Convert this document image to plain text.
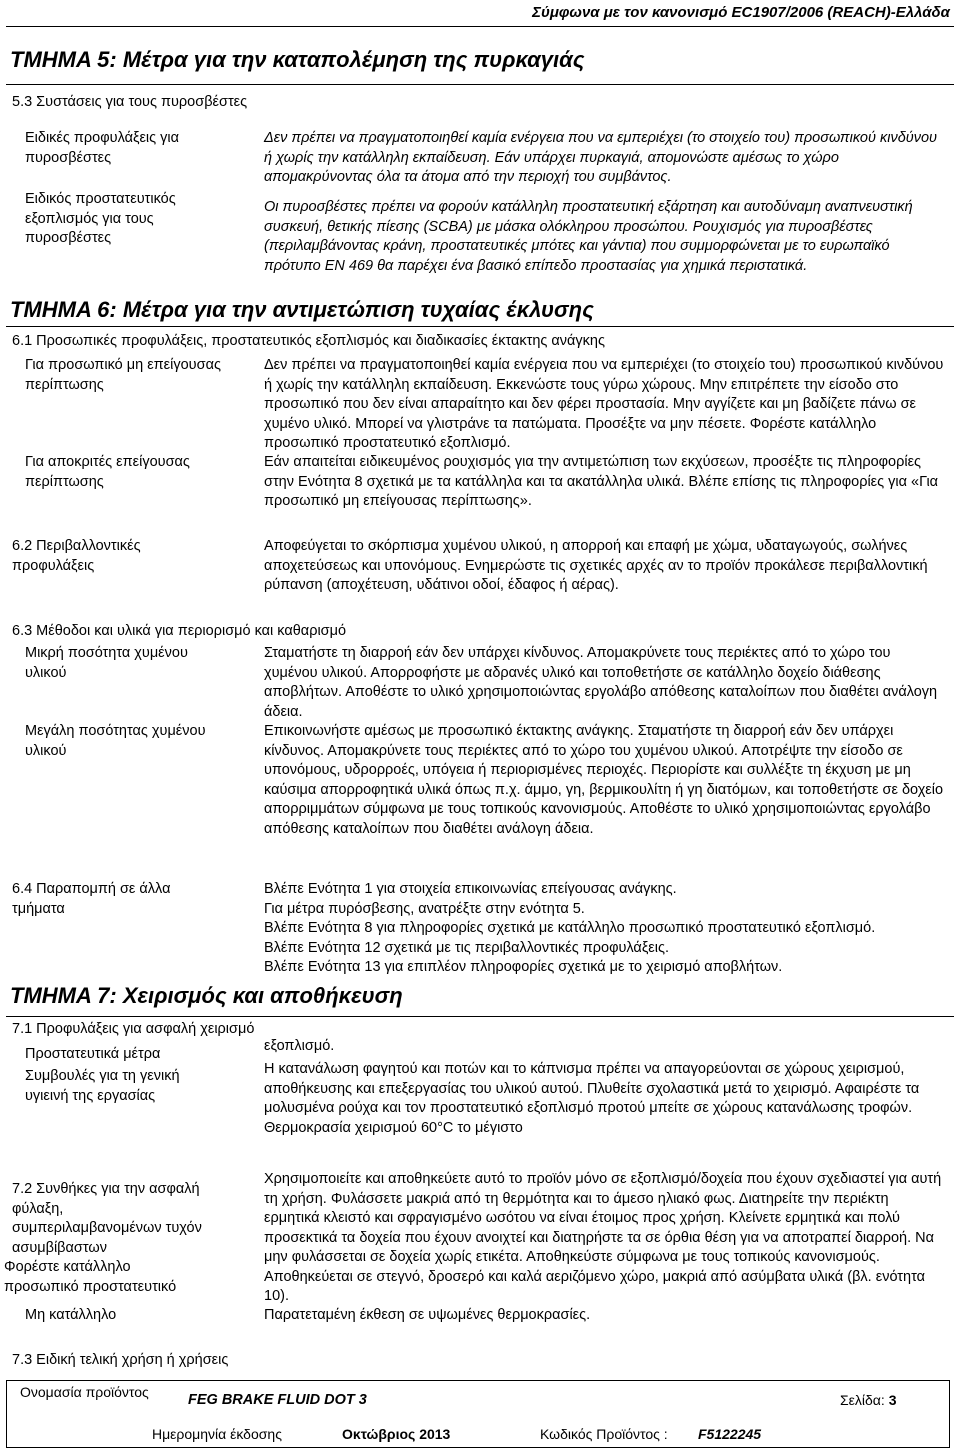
Σύμφωνα με τον κανονισμό EC1907/2006 (REACH)-Ελλάδα
ΤΜΗΜΑ 5: Μέτρα για την καταπολέμηση της πυρκαγιάς
5.3 Συστάσεις για τους πυροσβέστες
Ειδικές προφυλάξεις για πυροσβέστες
Δεν πρέπει να πραγματοποιηθεί καμία ενέργεια που να εμπεριέχει (το στοιχείο του) προσωπικού κινδύνου ή χωρίς την κατάλληλη εκπαίδευση. Εάν υπάρχει πυρκαγιά, απομονώστε αμέσως το χώρο απομακρύνοντας όλα τα άτομα από την περιοχή του συμβάντος.
Ειδικός προστατευτικός εξοπλισμός για τους πυροσβέστες
Οι πυροσβέστες πρέπει να φορούν κατάλληλη προστατευτική εξάρτηση και αυτοδύναμη αναπνευστική συσκευή, θετικής πίεσης (SCBA) με μάσκα ολόκληρου προσώπου. Ρουχισμός για πυροσβέστες (περιλαμβάνοντας κράνη, προστατευτικές μπότες και γάντια) που συμμορφώνεται με το ευρωπαϊκό πρότυπο EN 469 θα παρέχει ένα βασικό επίπεδο προστασίας για χημικά περιστατικά.
ΤΜΗΜΑ 6: Μέτρα για την αντιμετώπιση τυχαίας έκλυσης
6.1 Προσωπικές προφυλάξεις, προστατευτικός εξοπλισμός και διαδικασίες έκτακτης ανάγκης
Για προσωπικό μη επείγουσας περίπτωσης
Δεν πρέπει να πραγματοποιηθεί καμία ενέργεια που να εμπεριέχει (το στοιχείο του) προσωπικού κινδύνου ή χωρίς την κατάλληλη εκπαίδευση. Εκκενώστε τους γύρω χώρους. Μην επιτρέπετε την είσοδο στο προσωπικό που δεν είναι απαραίτητο και δεν φέρει προστασία. Μην αγγίζετε και μη βαδίζετε πάνω σε χυμένο υλικό. Μπορεί να γλιστράνε τα πατώματα. Προσέξτε να μην πέσετε. Φορέστε κατάλληλο προσωπικό προστατευτικό εξοπλισμό.
Για αποκριτές επείγουσας περίπτωσης
Εάν απαιτείται ειδικευμένος ρουχισμός για την αντιμετώπιση των εκχύσεων, προσέξτε τις πληροφορίες στην Ενότητα 8 σχετικά με τα κατάλληλα και τα ακατάλληλα υλικά. Βλέπε επίσης τις πληροφορίες για «Για προσωπικό μη επείγουσας περίπτωσης».
6.2 Περιβαλλοντικές προφυλάξεις
Αποφεύγεται το σκόρπισμα χυμένου υλικού, η απορροή και επαφή με χώμα, υδαταγωγούς, σωλήνες αποχετεύσεως και υπονόμους. Ενημερώστε τις σχετικές αρχές αν το προϊόν προκάλεσε περιβαλλοντική ρύπανση (αποχέτευση, υδάτινοι οδοί, έδαφος ή αέρας).
6.3 Μέθοδοι και υλικά για περιορισμό και καθαρισμό
Μικρή ποσότητα χυμένου υλικού
Σταματήστε τη διαρροή εάν δεν υπάρχει κίνδυνος. Απομακρύνετε τους περιέκτες από το χώρο του χυμένου υλικού. Απορροφήστε με αδρανές υλικό και τοποθετήστε σε κατάλληλο δοχείο διάθεσης αποβλήτων. Αποθέστε το υλικό χρησιμοποιώντας εργολάβο απόθεσης καταλοίπων που διαθέτει ανάλογη άδεια.
Μεγάλη ποσότητας χυμένου υλικού
Επικοινωνήστε αμέσως με προσωπικό έκτακτης ανάγκης. Σταματήστε τη διαρροή εάν δεν υπάρχει κίνδυνος. Απομακρύνετε τους περιέκτες από το χώρο του χυμένου υλικού. Αποτρέψτε την είσοδο σε υπονόμους, υδρορροές, υπόγεια ή περιορισμένες περιοχές. Περιορίστε και συλλέξτε τη έκχυση με μη καύσιμα απορροφητικά υλικά όπως π.χ. άμμο, γη, βερμικουλίτη ή γη διατόμων, και τοποθετήστε σε δοχείο απορριμμάτων σύμφωνα με τους τοπικούς κανονισμούς. Αποθέστε το υλικό χρησιμοποιώντας εργολάβο απόθεσης καταλοίπων που διαθέτει ανάλογη άδεια.
6.4 Παραπομπή σε άλλα τμήματα
Βλέπε Ενότητα 1 για στοιχεία επικοινωνίας επείγουσας ανάγκης.
Για μέτρα πυρόσβεσης, ανατρέξτε στην ενότητα 5.
Βλέπε Ενότητα 8 για πληροφορίες σχετικά με κατάλληλο προσωπικό προστατευτικό εξοπλισμό.
Βλέπε Ενότητα 12 σχετικά με τις περιβαλλοντικές προφυλάξεις.
Βλέπε Ενότητα 13 για επιπλέον πληροφορίες σχετικά με το χειρισμό αποβλήτων.
ΤΜΗΜΑ 7: Χειρισμός και αποθήκευση
7.1 Προφυλάξεις για ασφαλή χειρισμό
Προστατευτικά μέτρα	εξοπλισμό.
Συμβουλές για τη γενική υγιεινή της εργασίας
Η κατανάλωση φαγητού και ποτών και το κάπνισμα πρέπει να απαγορεύονται σε χώρους χειρισμού, αποθήκευσης και επεξεργασίας του υλικού αυτού. Πλυθείτε σχολαστικά μετά το χειρισμό. Αφαιρέστε τα μολυσμένα ρούχα και τον προστατευτικό εξοπλισμό προτού μπείτε σε χώρους κατανάλωσης τροφών.
Θερμοκρασία χειρισμού 60°C το μέγιστο
7.2 Συνθήκες για την ασφαλή φύλαξη, συμπεριλαμβανομένων τυχόν ασυμβίβαστων
Χρησιμοποιείτε και αποθηκεύετε αυτό το προϊόν μόνο σε εξοπλισμό/δοχεία που έχουν σχεδιαστεί για αυτή τη χρήση. Φυλάσσετε μακριά από τη θερμότητα και το άμεσο ηλιακό φως. Διατηρείτε την περιέκτη ερμητικά κλειστό και σφραγισμένο ωσότου να είναι έτοιμος προς χρήση. Κλείνετε ερμητικά και πολύ προσεκτικά τα δοχεία που έχουν ανοιχτεί και διατηρήστε τα σε όρθια θέση για να αποτραπεί διαρροή. Να μην φυλάσσεται σε δοχεία χωρίς ετικέτα. Αποθηκεύστε σύμφωνα με τους τοπικούς κανονισμούς. Αποθηκεύεται σε στεγνό, δροσερό και καλά αεριζόμενο χώρο, μακριά από ασύμβατα υλικά (βλ. ενότητα 10).
Φορέστε κατάλληλο προσωπικό προστατευτικό
Μη κατάλληλο	Παρατεταμένη έκθεση σε υψωμένες θερμοκρασίες.
7.3 Ειδική τελική χρήση ή χρήσεις
Ονομασία προϊόντος	FEG BRAKE FLUID DOT 3	Σελίδα: 3
Ημερομηνία έκδοσης	Οκτώβριος 2013	Κωδικός Προϊόντος : F5122245
